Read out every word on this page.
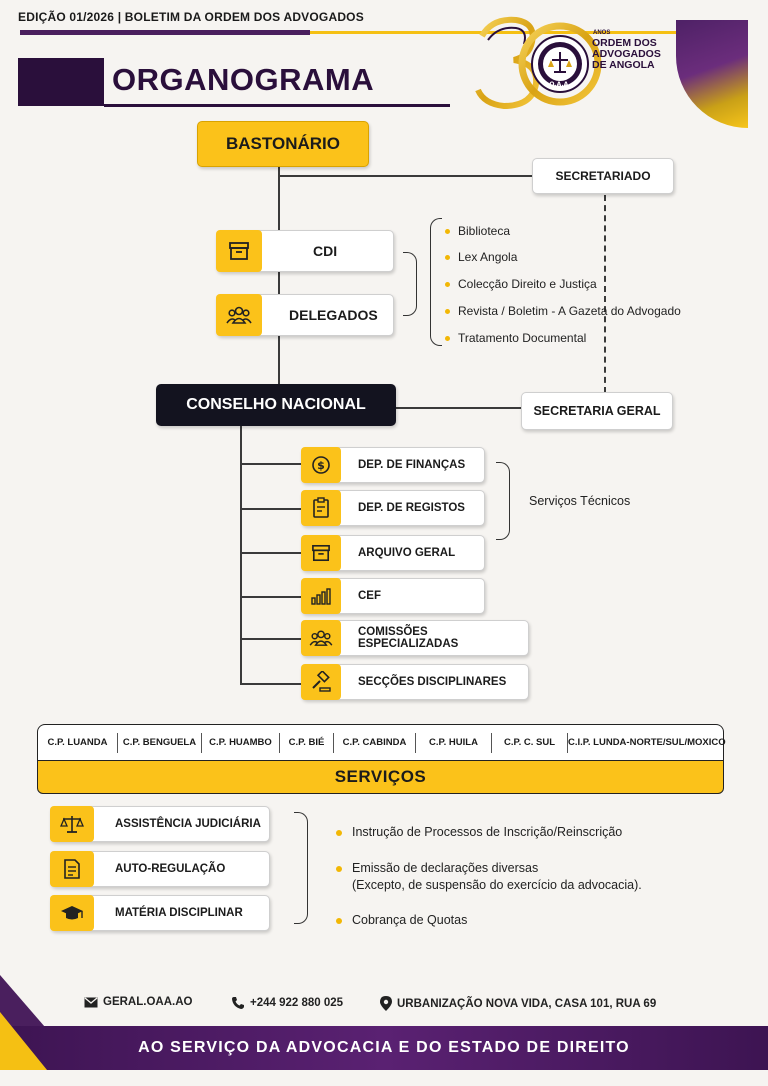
EDIÇÃO 01/2026 | BOLETIM DA ORDEM DOS ADVOGADOS
ORGANOGRAMA	O.A.A.
ANOS
ORDEM DOS
ADVOGADOS
DE ANGOLA
BASTONÁRIO
SECRETARIADO
CDI
DELEGADOS
Biblioteca
Lex Angola
Colecção Direito e Justiça
Revista / Boletim - A Gazeta do Advogado
Tratamento Documental
CONSELHO NACIONAL	SECRETARIA GERAL
DEP. DE FINANÇAS
$
DEP. DE REGISTOS
ARQUIVO GERAL
CEF
COMISSÕES ESPECIALIZADAS
SECÇÕES DISCIPLINARES
Serviços Técnicos
C.P. LUANDA	C.P. BENGUELA	C.P. HUAMBO	C.P. BIÉ	C.P. CABINDA	C.P. HUILA	C.P. C. SUL	C.I.P. LUNDA-NORTE/SUL/MOXICO
SERVIÇOS
ASSISTÊNCIA JUDICIÁRIA
AUTO-REGULAÇÃO
MATÉRIA DISCIPLINAR
Instrução de Processos de Inscrição/Reinscrição
Emissão de declarações diversas
(Excepto, de suspensão do exercício da advocacia).
Cobrança de Quotas
GERAL.OAA.AO	+244 922 880 025	URBANIZAÇÃO NOVA VIDA, CASA 101, RUA 69
AO SERVIÇO DA ADVOCACIA E DO ESTADO DE DIREITO
